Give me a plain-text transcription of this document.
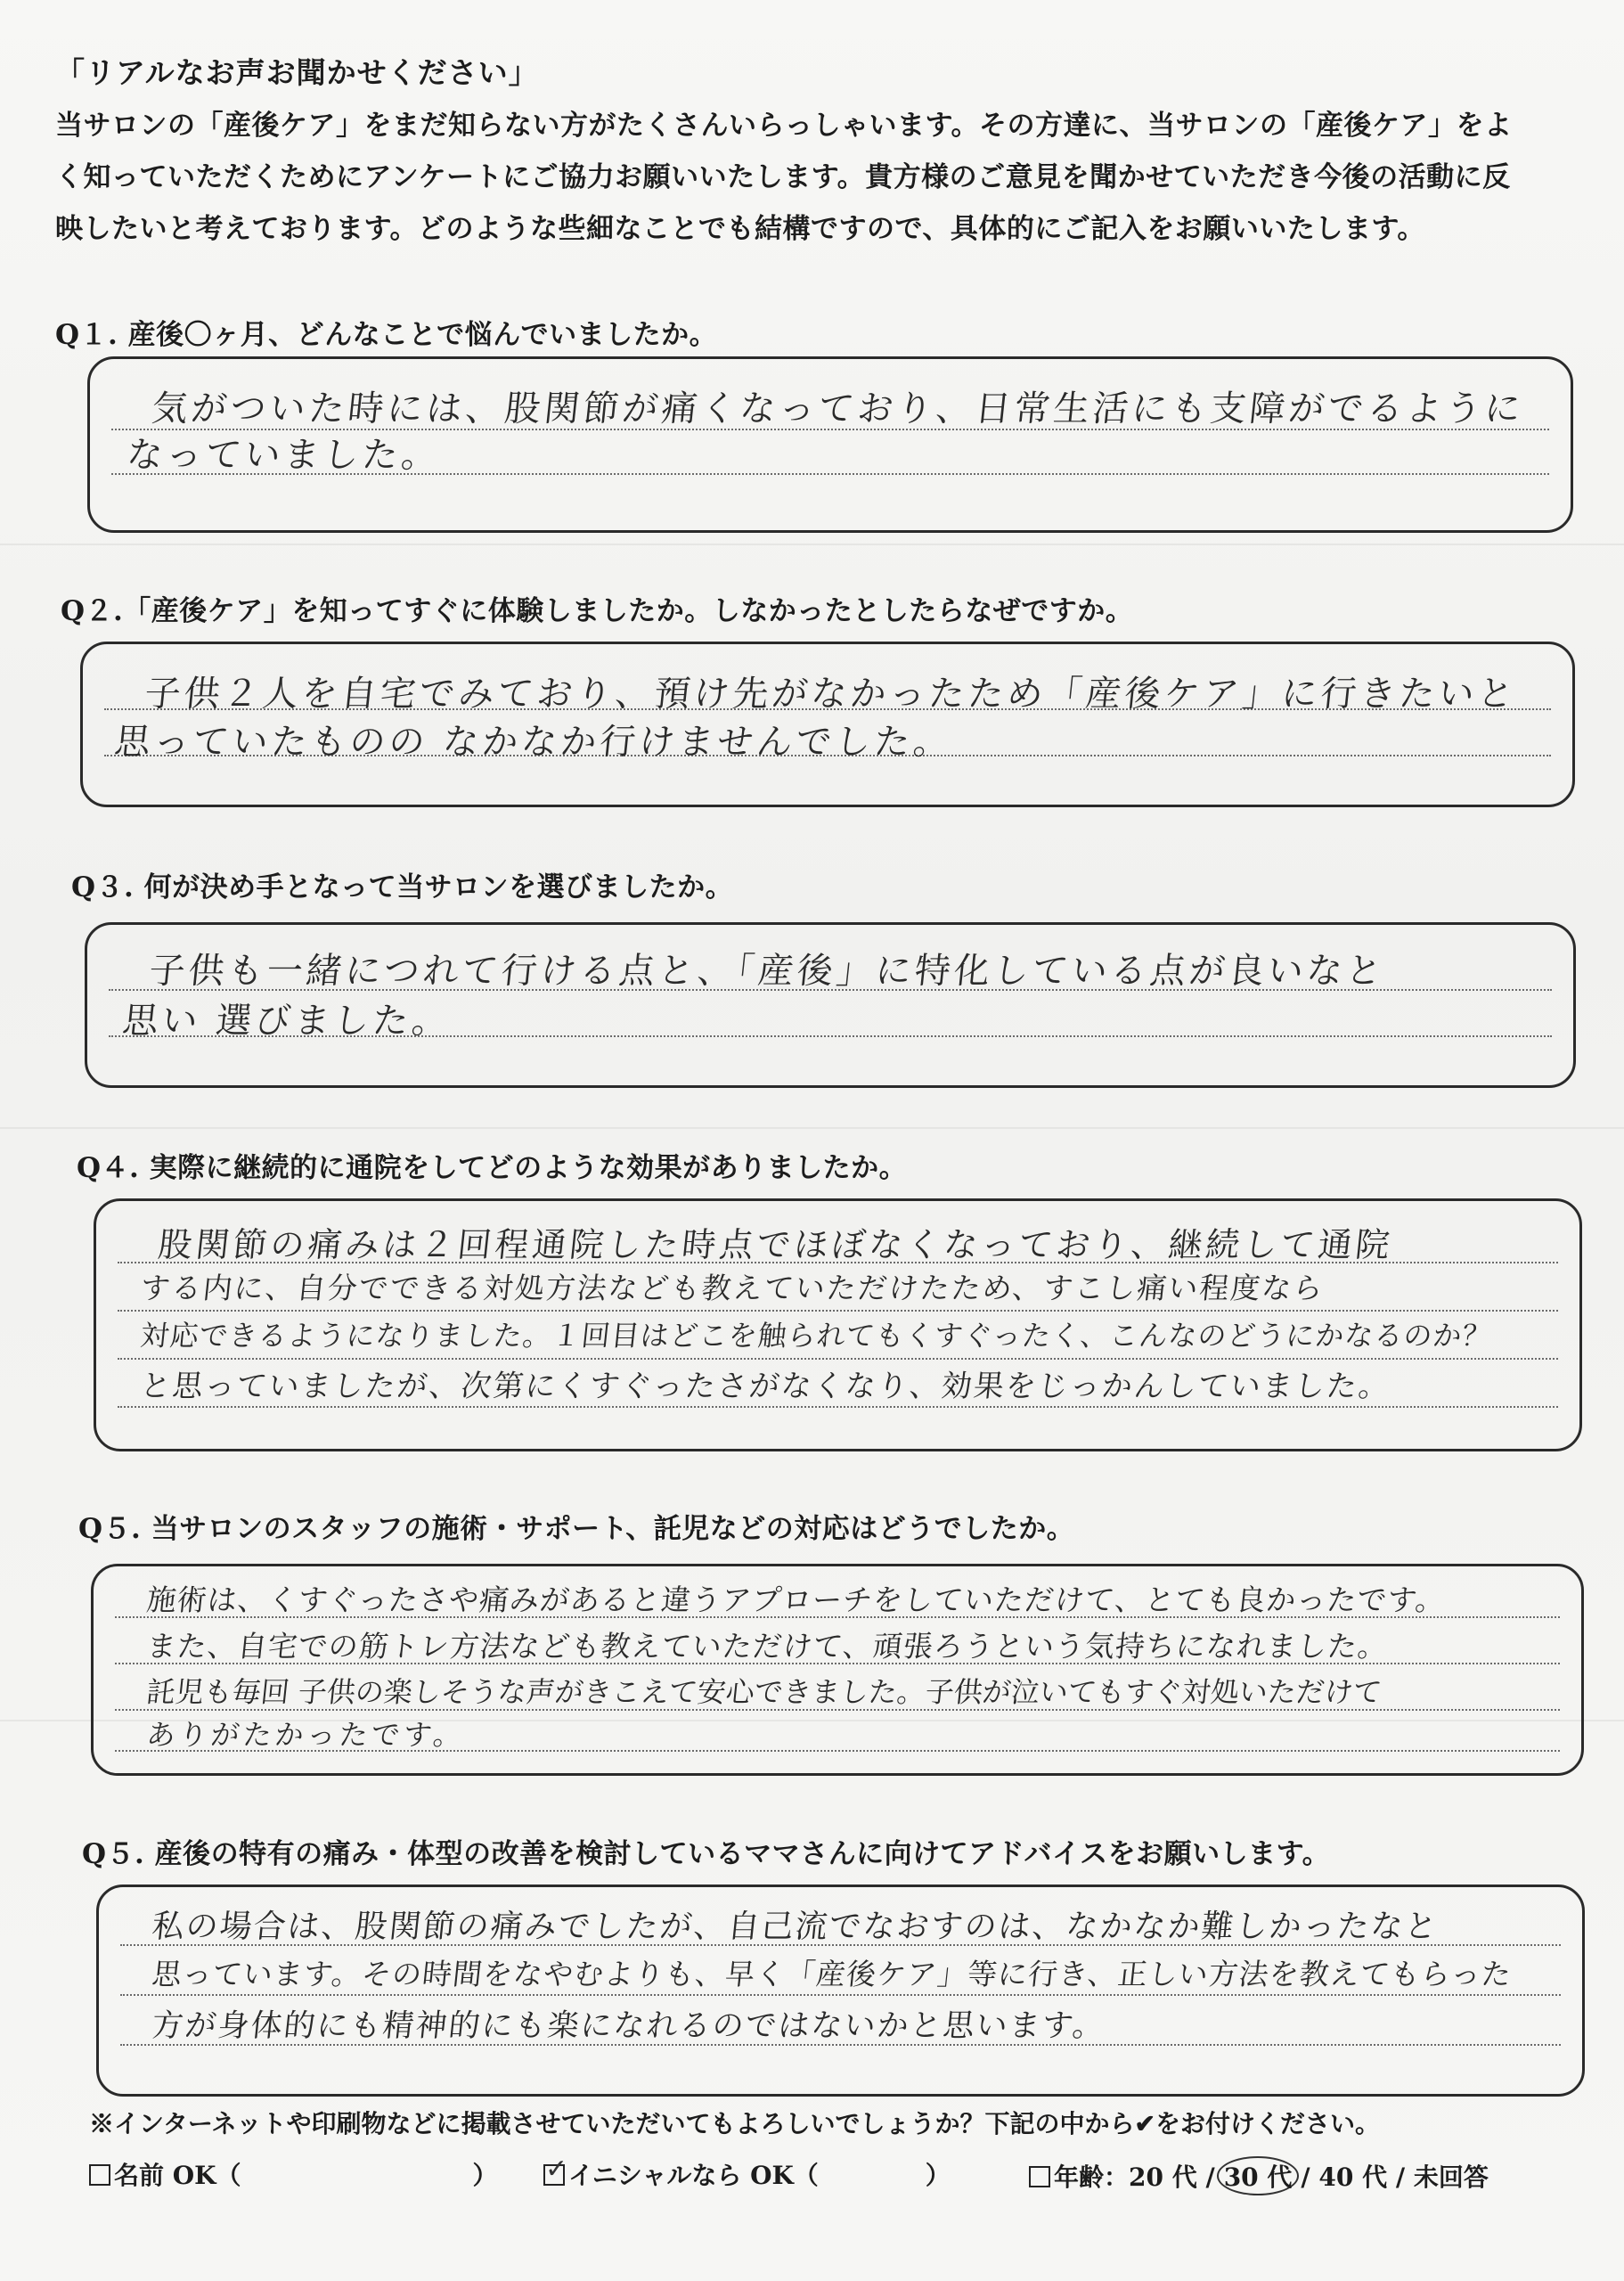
「リアルなお声お聞かせください」
当サロンの「産後ケア」をまだ知らない方がたくさんいらっしゃいます。その方達に、当サロンの「産後ケア」をよ
く知っていただくためにアンケートにご協力お願いいたします。貴方様のご意見を聞かせていただき今後の活動に反
映したいと考えております。どのような些細なことでも結構ですので、具体的にご記入をお願いいたします。
Q１. 産後〇ヶ月、どんなことで悩んでいましたか。
気がついた時には、股関節が痛くなっており、日常生活にも支障がでるように
なっていました。
Q２.「産後ケア」を知ってすぐに体験しましたか。しなかったとしたらなぜですか。
子供２人を自宅でみており、預け先がなかったため「産後ケア」に行きたいと
思っていたものの なかなか行けませんでした。
Q３. 何が決め手となって当サロンを選びましたか。
子供も一緒につれて行ける点と、「産後」に特化している点が良いなと
思い 選びました。
Q４. 実際に継続的に通院をしてどのような効果がありましたか。
股関節の痛みは２回程通院した時点でほぼなくなっており、継続して通院
する内に、自分でできる対処方法なども教えていただけたため、すこし痛い程度なら
対応できるようになりました。１回目はどこを触られてもくすぐったく、こんなのどうにかなるのか？
と思っていましたが、次第にくすぐったさがなくなり、効果をじっかんしていました。
Q５. 当サロンのスタッフの施術・サポート、託児などの対応はどうでしたか。
施術は、くすぐったさや痛みがあると違うアプローチをしていただけて、とても良かったです。
また、自宅での筋トレ方法なども教えていただけて、頑張ろうという気持ちになれました。
託児も毎回 子供の楽しそうな声がきこえて安心できました。子供が泣いてもすぐ対処いただけて
ありがたかったです。
Q５. 産後の特有の痛み・体型の改善を検討しているママさんに向けてアドバイスをお願いします。
私の場合は、股関節の痛みでしたが、自己流でなおすのは、なかなか難しかったなと
思っています。その時間をなやむよりも、早く「産後ケア」等に行き、正しい方法を教えてもらった
方が身体的にも精神的にも楽になれるのではないかと思います。
※インターネットや印刷物などに掲載させていただいてもよろしいでしょうか？下記の中から✔をお付けください。
名前 OK（	）
✓	イニシャルなら OK（	）	年齢：20 代 / 30 代 / 40 代 / 未回答
